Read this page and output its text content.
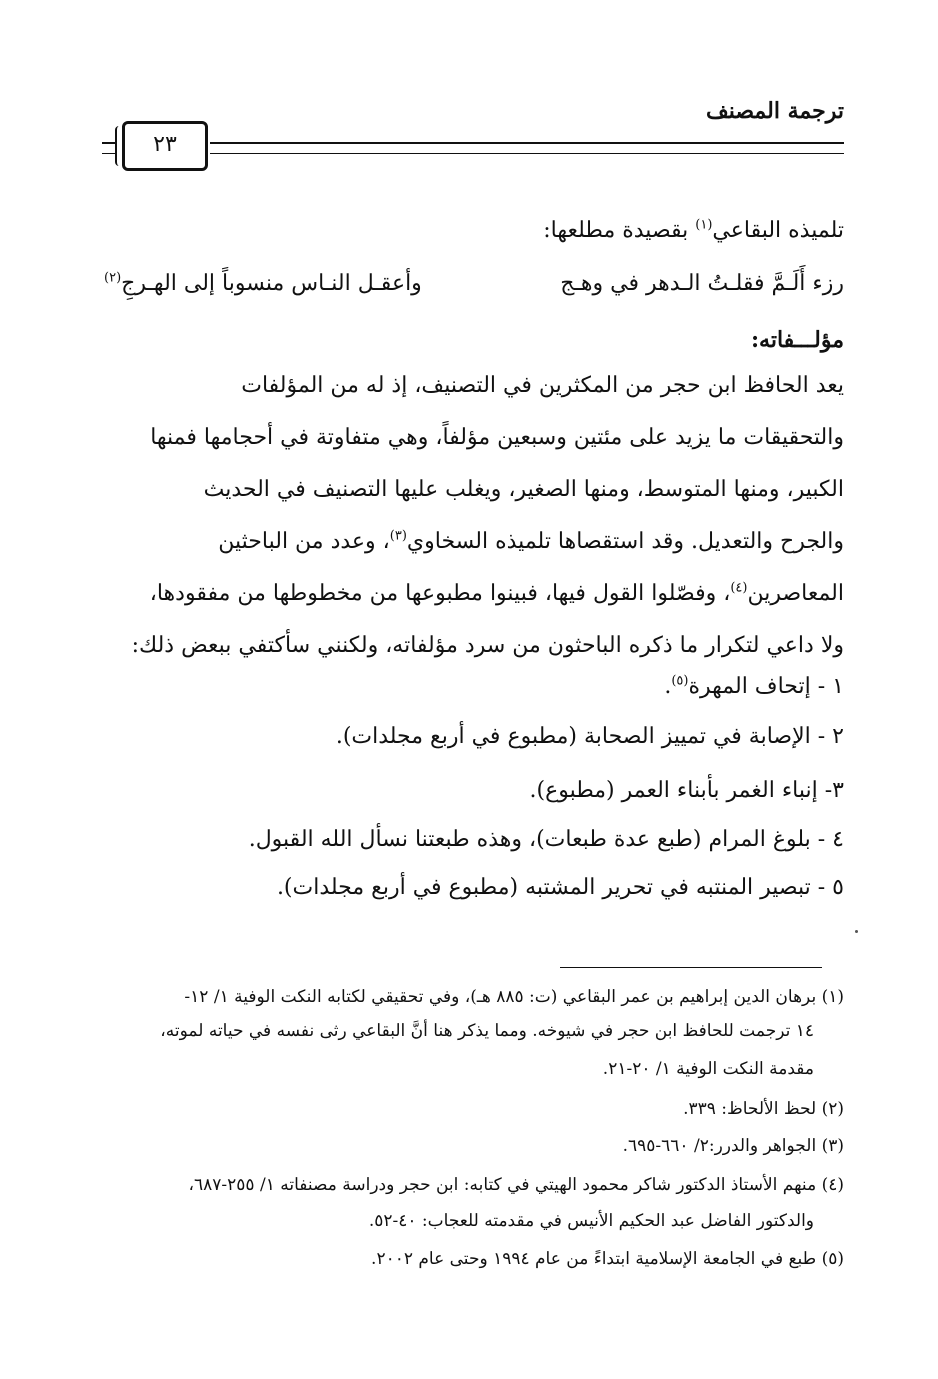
ترجمة المصنف
٢٣
تلميذه البقاعي$^{(١)}$ بقصيدة مطلعها:
رزء أَلَـمَّ فقلـتُ الـدهر في وهـج
وأعقـل النـاس منسوباً إلى الهـرجِ$^{(٢)}$
مؤلـــفاته:
يعد الحافظ ابن حجر من المكثرين في التصنيف، إذ له من المؤلفات
والتحقيقات ما يزيد على مئتين وسبعين مؤلفاً، وهي متفاوتة في أحجامها فمنها
الكبير، ومنها المتوسط، ومنها الصغير، ويغلب عليها التصنيف في الحديث
والجرح والتعديل. وقد استقصاها تلميذه السخاوي$^{(٣)}$، وعدد من الباحثين
المعاصرين$^{(٤)}$، وفصّلوا القول فيها، فبينوا مطبوعها من مخطوطها من مفقودها،
ولا داعي لتكرار ما ذكره الباحثون من سرد مؤلفاته، ولكنني سأكتفي ببعض ذلك:
١ - إتحاف المهرة$^{(٥)}$.
٢ - الإصابة في تمييز الصحابة (مطبوع في أربع مجلدات).
٣- إنباء الغمر بأبناء العمر (مطبوع).
٤ - بلوغ المرام (طبع عدة طبعات)، وهذه طبعتنا نسأل الله القبول.
٥ - تبصير المنتبه في تحرير المشتبه (مطبوع في أربع مجلدات).
(١) برهان الدين إبراهيم بن عمر البقاعي (ت: ٨٨٥ هـ)، وفي تحقيقي لكتابه النكت الوفية ١/ ١٢-
١٤ ترجمت للحافظ ابن حجر في شيوخه. ومما يذكر هنا أنَّ البقاعي رثى نفسه في حياته لموته،
مقدمة النكت الوفية ١/ ٢٠-٢١.
(٢) لحظ الألحاظ: ٣٣٩.
(٣) الجواهر والدرر:٢/ ٦٦٠-٦٩٥.
(٤) منهم الأستاذ الدكتور شاكر محمود الهيتي في كتابه: ابن حجر ودراسة مصنفاته ١/ ٢٥٥-٦٨٧،
والدكتور الفاضل عبد الحكيم الأنيس في مقدمته للعجاب: ٤٠-٥٢.
(٥) طبع في الجامعة الإسلامية ابتداءً من عام ١٩٩٤ وحتى عام ٢٠٠٢.
